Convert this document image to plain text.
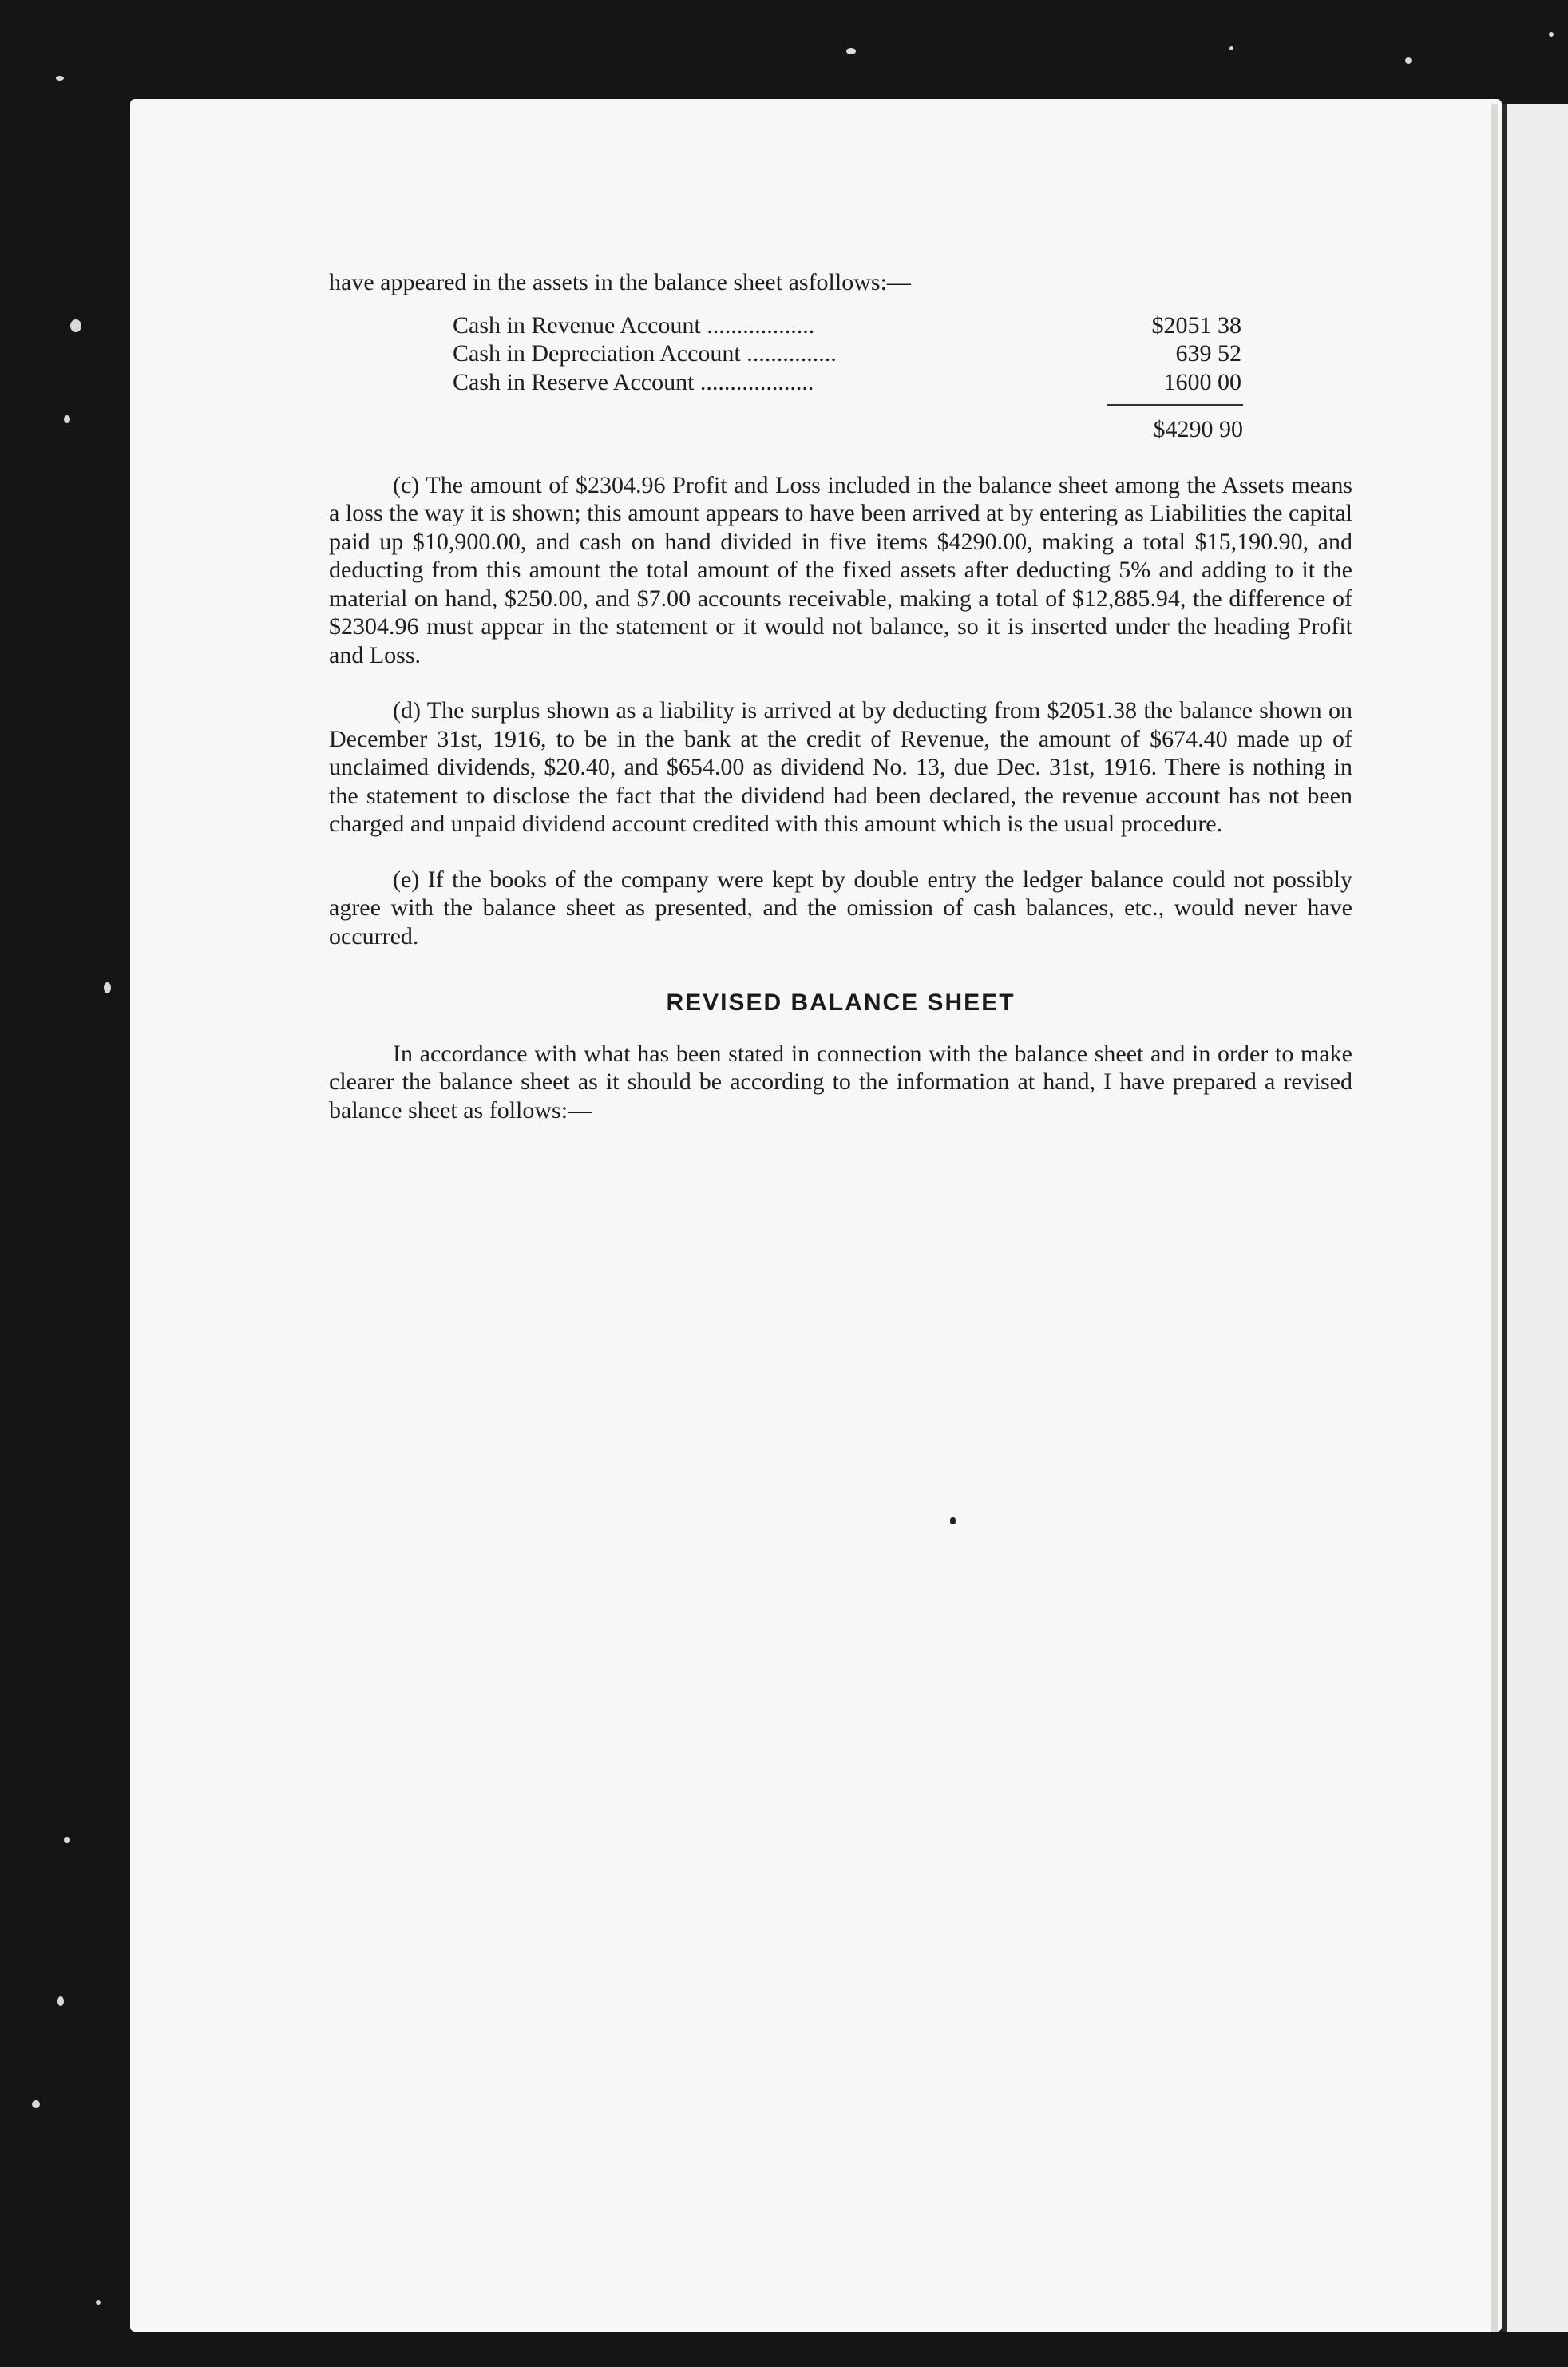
have appeared in the assets in the balance sheet asfollows:—

Cash in Revenue Account ..................	$2051 38
Cash in Depreciation Account ...............	639 52
Cash in Reserve Account ...................	1600 00
$4290 90

(c) The amount of $2304.96 Profit and Loss included in the balance sheet among the Assets means a loss the way it is shown; this amount appears to have been arrived at by entering as Liabilities the capital paid up $10,900.00, and cash on hand divided in five items $4290.00, making a total $15,190.90, and deducting from this amount the total amount of the fixed assets after deducting 5% and adding to it the material on hand, $250.00, and $7.00 accounts receivable, making a total of $12,885.94, the difference of $2304.96 must appear in the statement or it would not balance, so it is inserted under the heading Profit and Loss.

(d) The surplus shown as a liability is arrived at by deducting from $2051.38 the balance shown on December 31st, 1916, to be in the bank at the credit of Revenue, the amount of $674.40 made up of unclaimed dividends, $20.40, and $654.00 as dividend No. 13, due Dec. 31st, 1916. There is nothing in the statement to disclose the fact that the dividend had been declared, the revenue account has not been charged and unpaid dividend account credited with this amount which is the usual procedure.

(e) If the books of the company were kept by double entry the ledger balance could not possibly agree with the balance sheet as presented, and the omission of cash balances, etc., would never have occurred.

REVISED BALANCE SHEET

In accordance with what has been stated in connection with the balance sheet and in order to make clearer the balance sheet as it should be according to the information at hand, I have prepared a revised balance sheet as follows:—
